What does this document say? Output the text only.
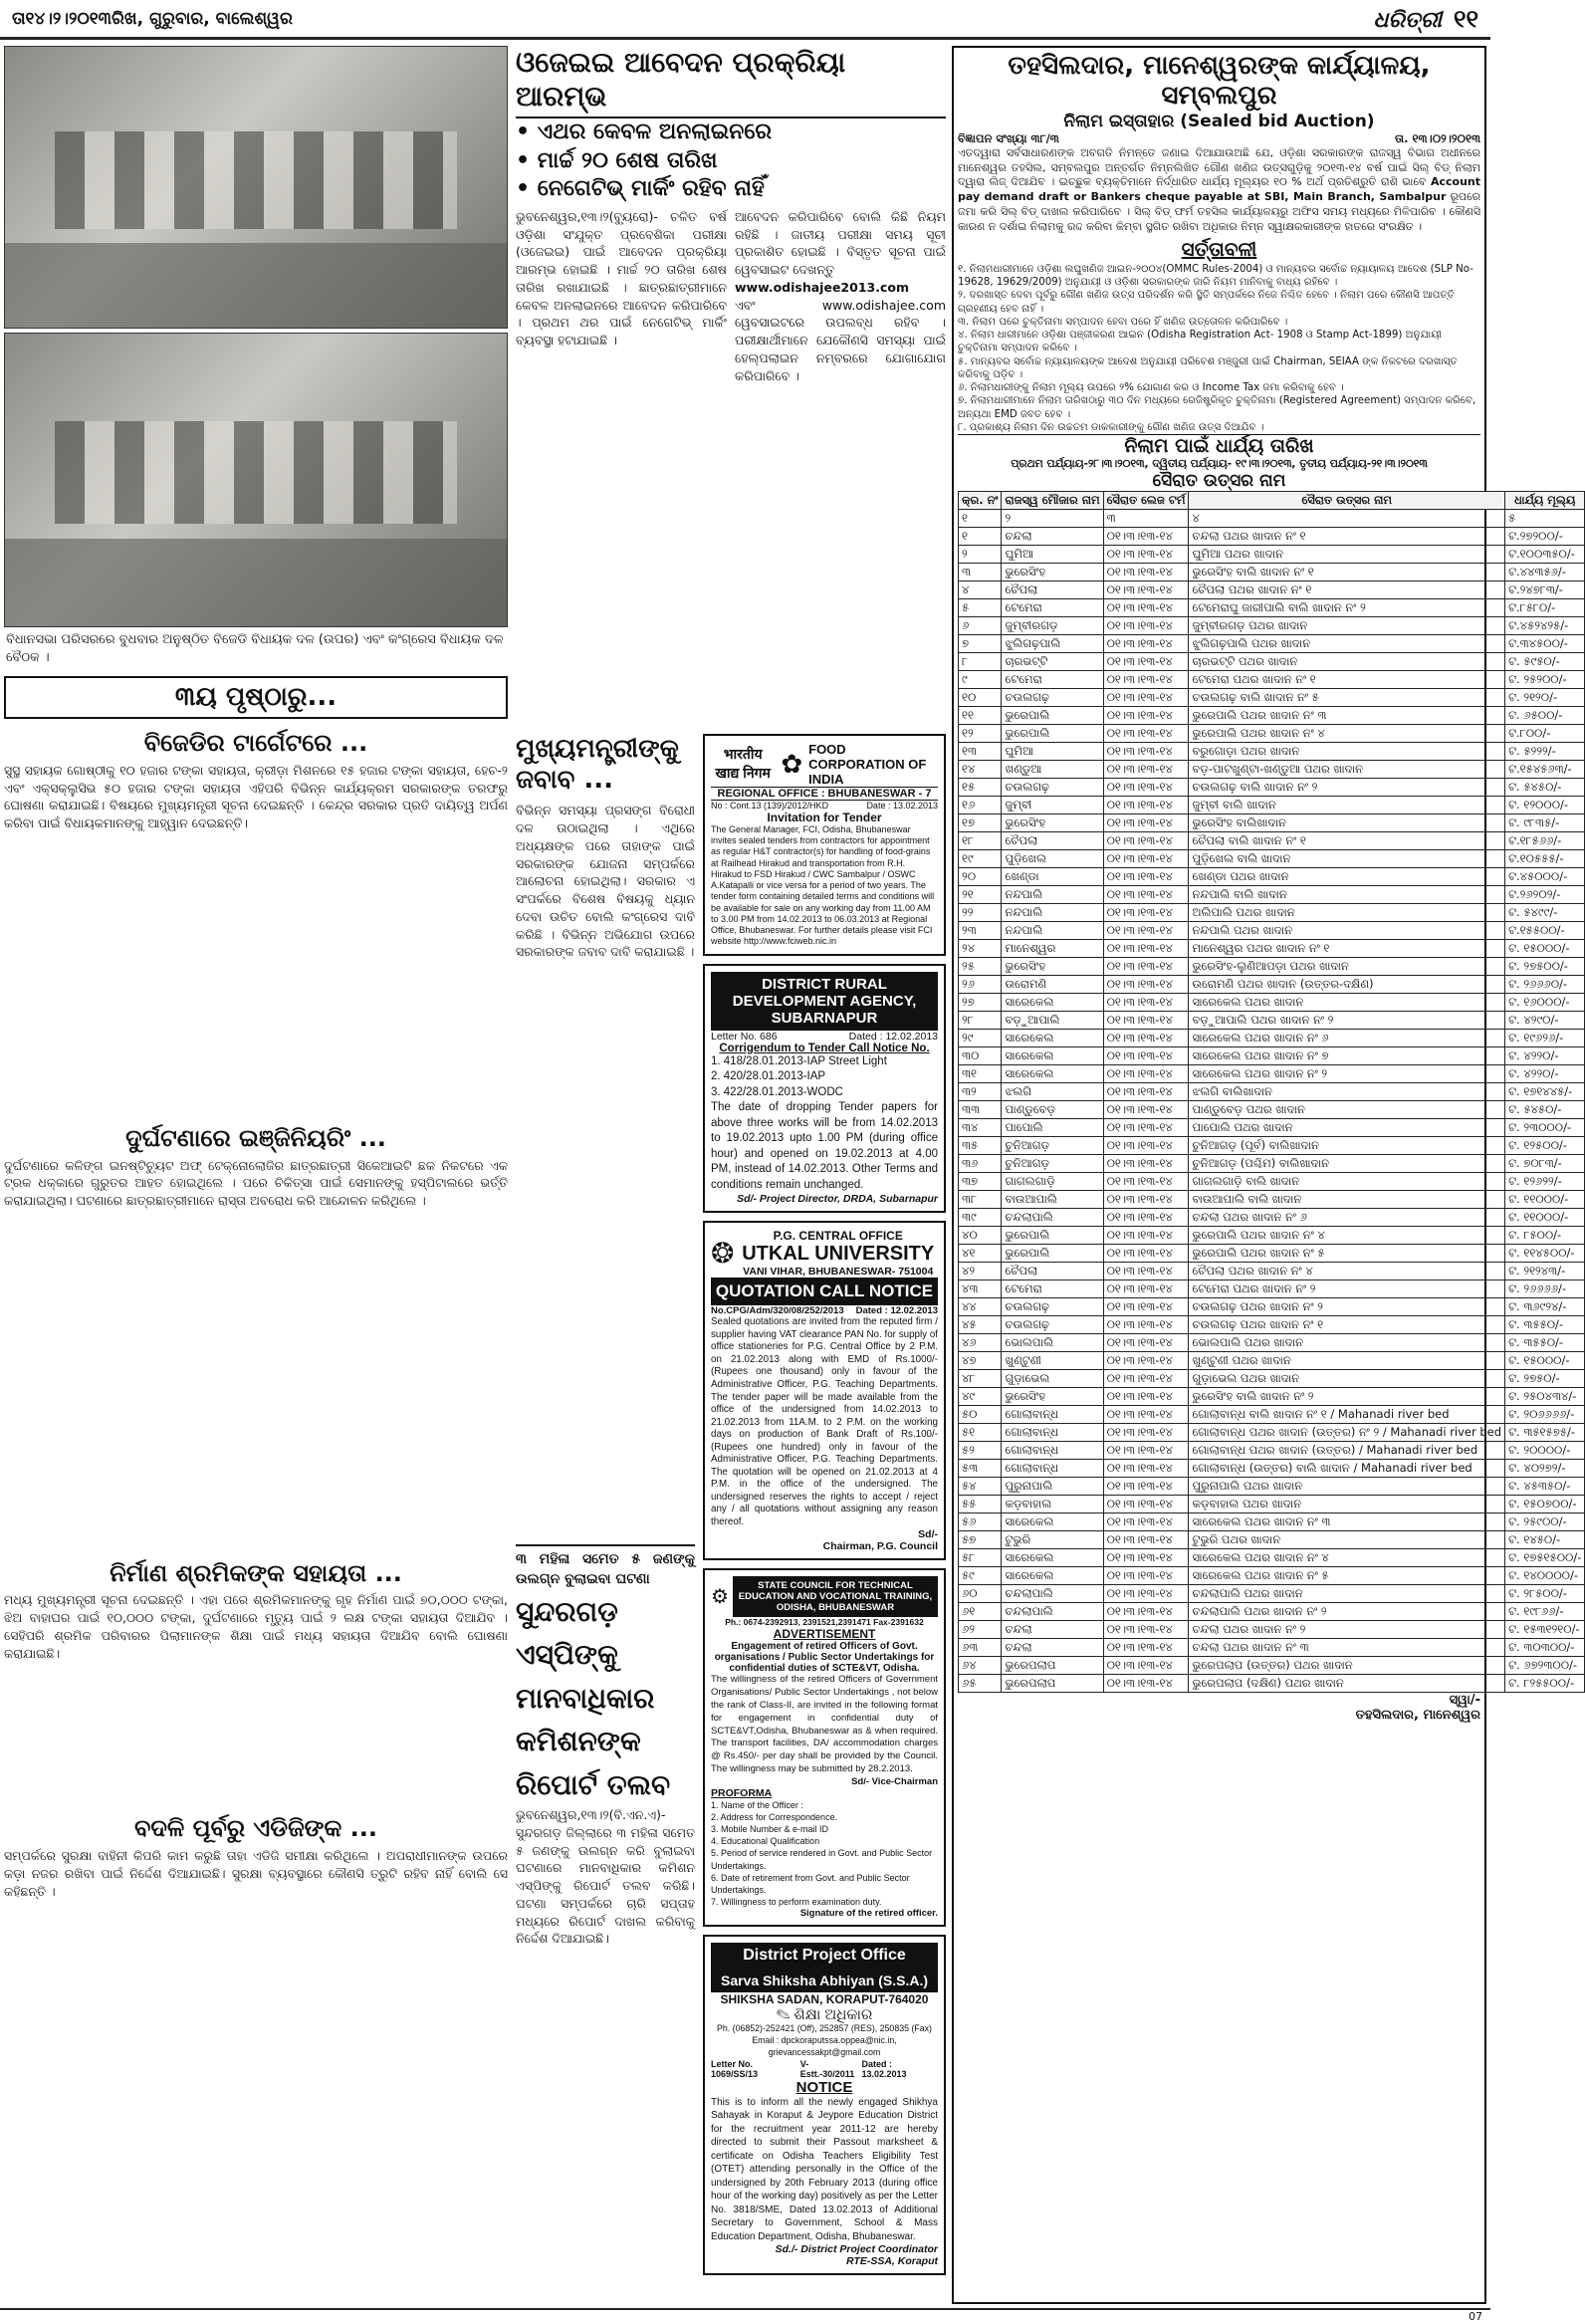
ତା୧୪।୨।୨୦୧୩ରିଖ, ଗୁରୁବାର, ବାଲେଶ୍ୱର	ଧରିତ୍ରୀ ୧୧
ବିଧାନସଭା ପରିସରରେ ବୁଧବାର ଅନୁଷ୍ଠିତ ବିଜେଡି ବିଧାୟକ ଦଳ (ଉପର) ଏବଂ କଂଗ୍ରେସ ବିଧାୟକ ଦଳ ବୈଠକ ।
୩ୟ ପୃଷ୍ଠାରୁ...
ବିଜେଡିର ଟାର୍ଗେଟରେ ...
ସୁସ୍ଥ ସହାୟକ ଗୋଷ୍ଠୀକୁ ୧୦ ହଜାର ଟଙ୍କା ସହାୟତା, କ୍ରୀଡ଼ା ମିଶନରେ ୧୫ ହଜାର ଟଙ୍କା ସହାୟତା, ହେଚ-୨ ଏବଂ ଏକ୍ସକ୍ଲୁସିଭ ୫୦ ହଜାର ଟଙ୍କା ସହାୟତା ଏହିପରି ବିଭିନ୍ନ କାର୍ଯ୍ୟକ୍ରମ ସରକାରଙ୍କ ତରଫରୁ ଘୋଷଣା କରାଯାଇଛି। ବିଷୟରେ ମୁଖ୍ୟମନ୍ତ୍ରୀ ସୂଚନା ଦେଇଛନ୍ତି । କେନ୍ଦ୍ର ସରକାର ପ୍ରତି ଦାୟିତ୍ୱ ଅର୍ପଣ କରିବା ପାଇଁ ବିଧାୟକମାନଙ୍କୁ ଆହ୍ୱାନ ଦେଇଛନ୍ତି।
ଦୁର୍ଘଟଣାରେ ଇଞ୍ଜିନିୟରିଂ ...
ଦୁର୍ଘଟଣାରେ କଳିଙ୍ଗ ଇନଷ୍ଟିଚ୍ୟୁଟ ଅଫ୍ ଟେକ୍ନୋଲୋଜିର ଛାତ୍ରଛାତ୍ରୀ ସିକେଆଇଟି ଛକ ନିକଟରେ ଏକ ଟ୍ରକ ଧକ୍କାରେ ଗୁରୁତର ଆହତ ହୋଇଥିଲେ । ପରେ ଚିକିତ୍ସା ପାଇଁ ସେମାନଙ୍କୁ ହସ୍ପିଟାଲରେ ଭର୍ତ୍ତି କରାଯାଇଥିଲା। ଘଟଣାରେ ଛାତ୍ରଛାତ୍ରୀମାନେ ରାସ୍ତା ଅବରୋଧ କରି ଆନ୍ଦୋଳନ କରିଥିଲେ ।
ନିର୍ମାଣ ଶ୍ରମିକଙ୍କ ସହାୟତା ...
ମଧ୍ୟ ମୁଖ୍ୟମନ୍ତ୍ରୀ ସୂଚନା ଦେଇଛନ୍ତି । ଏହା ପରେ ଶ୍ରମିକମାନଙ୍କୁ ଗୃହ ନିର୍ମାଣ ପାଇଁ ୭୦,୦୦୦ ଟଙ୍କା, ଝିଅ ବାହାଘର ପାଇଁ ୧୦,୦୦୦ ଟଙ୍କା, ଦୁର୍ଘଟଣାରେ ମୃତ୍ୟୁ ପାଇଁ ୨ ଲକ୍ଷ ଟଙ୍କା ସହାୟତା ଦିଆଯିବ । ସେହିପରି ଶ୍ରମିକ ପରିବାରର ପିଲାମାନଙ୍କ ଶିକ୍ଷା ପାଇଁ ମଧ୍ୟ ସହାୟତା ଦିଆଯିବ ବୋଲି ଘୋଷଣା କରାଯାଇଛି।
ବଦଳି ପୂର୍ବରୁ ଏଡିଜିଙ୍କ ...
ସମ୍ପର୍କରେ ସୁରକ୍ଷା ବାହିନୀ କିପରି କାମ କରୁଛି ତାହା ଏଡିଜି ସମୀକ୍ଷା କରିଥିଲେ । ଅପରାଧୀମାନଙ୍କ ଉପରେ କଡ଼ା ନଜର ରଖିବା ପାଇଁ ନିର୍ଦ୍ଦେଶ ଦିଆଯାଇଛି। ସୁରକ୍ଷା ବ୍ୟବସ୍ଥାରେ କୌଣସି ତ୍ରୁଟି ରହିବ ନାହିଁ ବୋଲି ସେ କହିଛନ୍ତି ।
ଓଜେଇଇ ଆବେଦନ ପ୍ରକ୍ରିୟା ଆରମ୍ଭ
• ଏଥର କେବଳ ଅନଲାଇନରେ
• ମାର୍ଚ୍ଚ ୨୦ ଶେଷ ତାରିଖ
• ନେଗେଟିଭ୍ ମାର୍କିଂ ରହିବ ନାହିଁ
ଭୁବନେଶ୍ୱର,୧୩।୨(ବ୍ୟୁରୋ)- ଚଳିତ ବର୍ଷ ଓଡ଼ିଶା ସଂଯୁକ୍ତ ପ୍ରବେଶିକା ପରୀକ୍ଷା (ଓଜେଇଇ) ପାଇଁ ଆବେଦନ ପ୍ରକ୍ରିୟା ଆରମ୍ଭ ହୋଇଛି । ମାର୍ଚ୍ଚ ୨୦ ତାରିଖ ଶେଷ ତାରିଖ ରଖାଯାଇଛି । ଛାତ୍ରଛାତ୍ରୀମାନେ କେବଳ ଅନଲାଇନରେ ଆବେଦନ କରିପାରିବେ । ପ୍ରଥମ ଥର ପାଇଁ ନେଗେଟିଭ୍ ମାର୍କିଂ ବ୍ୟବସ୍ଥା ହଟାଯାଇଛି ।
ଆବେଦନ କରିପାରିବେ ବୋଲି କିଛି ନିୟମ ରହିଛି । ଜାତୀୟ ପରୀକ୍ଷା ସମୟ ସୂଚୀ ପ୍ରକାଶିତ ହୋଇଛି । ବିସ୍ତୃତ ସୂଚନା ପାଇଁ ୱେବସାଇଟ ଦେଖନ୍ତୁ
www.odishajee2013.com
ଏବଂ www.odishajee.com ୱେବସାଇଟରେ ଉପଲବ୍ଧ ରହିବ । ପରୀକ୍ଷାର୍ଥୀମାନେ ଯେକୌଣସି ସମସ୍ୟା ପାଇଁ ହେଲ୍ପଲାଇନ ନମ୍ବରରେ ଯୋଗାଯୋଗ କରିପାରିବେ ।
ମୁଖ୍ୟମନ୍ତ୍ରୀଙ୍କୁ ଜବାବ ...
ବିଭିନ୍ନ ସମସ୍ୟା ପ୍ରସଙ୍ଗ ବିରୋଧୀ ଦଳ ଉଠାଇଥିଲା । ଏଥିରେ ଅଧ୍ୟକ୍ଷଙ୍କ ପରେ ତାହାଙ୍କ ପାଇଁ ସରକାରଙ୍କ ଯୋଜନା ସମ୍ପର୍କରେ ଆଲୋଚନା ହୋଇଥିଲା। ସରକାର ଏ ସଂପର୍କରେ ବିଶେଷ ବିଷୟକୁ ଧ୍ୟାନ ଦେବା ଉଚିତ ବୋଲି କଂଗ୍ରେସ ଦାବି କରିଛି । ବିଭିନ୍ନ ଅଭିଯୋଗ ଉପରେ ସରକାରଙ୍କ ଜବାବ ଦାବି କରାଯାଇଛି ।
୩ ମହିଳା ସମେତ ୫ ଜଣଙ୍କୁ ଉଲଗ୍ନ ବୁଲାଇବା ଘଟଣା
ସୁନ୍ଦରଗଡ଼ ଏସ୍‌ପିଙ୍କୁ ମାନବାଧିକାର କମିଶନଙ୍କ ରିପୋର୍ଟ ତଲବ
ଭୁବନେଶ୍ୱର,୧୩।୨(ବି.ଏନ.ଏ)- ସୁନ୍ଦରଗଡ଼ ଜିଲ୍ଲାରେ ୩ ମହିଳା ସମେତ ୫ ଜଣଙ୍କୁ ଉଲଗ୍ନ କରି ବୁଲାଇବା ଘଟଣାରେ ମାନବାଧିକାର କମିଶନ ଏସ୍‌ପିଙ୍କୁ ରିପୋର୍ଟ ତଲବ କରିଛି। ଘଟଣା ସମ୍ପର୍କରେ ଚାରି ସପ୍ତାହ ମଧ୍ୟରେ ରିପୋର୍ଟ ଦାଖଲ କରିବାକୁ ନିର୍ଦ୍ଦେଶ ଦିଆଯାଇଛି।
भारतीय खाद्य निगम ✿ FOOD CORPORATION OF INDIA
REGIONAL OFFICE : BHUBANESWAR - 7
No : Cont.13 (139)/2012/HKD	Date : 13.02.2013
Invitation for Tender

The General Manager, FCI, Odisha, Bhubaneswar invites sealed tenders from contractors for appointment as regular H&T contractor(s) for handling of food-grains at Railhead Hirakud and transportation from R.H. Hirakud to FSD Hirakud / CWC Sambalpur / OSWC A.Katapalli or vice versa for a period of two years. The tender form containing detailed terms and conditions will be available for sale on any working day from 11.00 AM to 3.00 PM from 14.02.2013 to 06.03.2013 at Regional Office, Bhubaneswar. For further details please visit FCI website http://www.fciweb.nic.in

DISTRICT RURAL DEVELOPMENT AGENCY, SUBARNAPUR
Letter No. 686	Dated : 12.02.2013
Corrigendum to Tender Call Notice No.

1. 418/28.01.2013-IAP Street Light

2. 420/28.01.2013-IAP

3. 422/28.01.2013-WODC

The date of dropping Tender papers for above three works will be from 14.02.2013 to 19.02.2013 upto 1.00 PM (during office hour) and opened on 19.02.2013 at 4.00 PM, instead of 14.02.2013. Other Terms and conditions remain unchanged.

Sd/- Project Director, DRDA, Subarnapur
❂
P.G. CENTRAL OFFICE
UTKAL UNIVERSITY
VANI VIHAR, BHUBANESWAR- 751004
QUOTATION CALL NOTICE
No.CPG/Adm/320/08/252/2013 Dated : 12.02.2013

Sealed quotations are invited from the reputed firm / supplier having VAT clearance PAN No. for supply of office stationeries for P.G. Central Office by 2 P.M. on 21.02.2013 along with EMD of Rs.1000/- (Rupees one thousand) only in favour of the Administrative Officer, P.G. Teaching Departments. The tender paper will be made available from the office of the undersigned from 14.02.2013 to 21.02.2013 from 11A.M. to 2 P.M. on the working days on production of Bank Draft of Rs.100/- (Rupees one hundred) only in favour of the Administrative Officer, P.G. Teaching Departments. The quotation will be opened on 21.02.2013 at 4 P.M. in the office of the undersigned. The undersigned reserves the rights to accept / reject any / all quotations without assigning any reason thereof.

Sd/-
Chairman, P.G. Council
⚙
STATE COUNCIL FOR TECHNICAL EDUCATION AND VOCATIONAL TRAINING, ODISHA, BHUBANESWAR
Ph.: 0674-2392913, 2391521,2391471 Fax-2391632
ADVERTISEMENT
Engagement of retired Officers of Govt. organisations / Public Sector Undertakings for confidential duties of SCTE&VT, Odisha.

The willingness of the retired Officers of Government Organisations/ Public Sector Undertakings , not below the rank of Class-II, are invited in the following format for engagement in confidential duty of SCTE&VT,Odisha, Bhubaneswar as & when required. The transport facilities, DA/ accommodation charges @ Rs.450/- per day shall be provided by the Council. The willingness may be submitted by 28.2.2013.

Sd/- Vice-Chairman
PROFORMA

1. Name of the Officer :

2. Address for Correspondence.

3. Mobile Number & e-mail ID

4. Educational Qualification

5. Period of service rendered in Govt. and Public Sector Undertakings.

6. Date of retirement from Govt. and Public Sector Undertakings.

7. Willingness to perform examination duty.

Signature of the retired officer.
District Project Office
Sarva Shiksha Abhiyan (S.S.A.)
SHIKSHA SADAN, KORAPUT-764020
✎ ଶିକ୍ଷା ଅଧିକାର

Ph. (06852)-252421 (Off), 252857 (RES), 250835 (Fax)

Email : dpckoraputssa.oppea@nic.in, grievancessakpt@gmail.com

Letter No. 1069/SS/13
V-Estt.-30/2011
Dated : 13.02.2013
NOTICE

This is to inform all the newly engaged Shikhya Sahayak in Koraput & Jeypore Education District for the recruitment year 2011-12 are hereby directed to submit their Passout marksheet & certificate on Odisha Teachers Eligibility Test (OTET) attending personally in the Office of the undersigned by 20th February 2013 (during office hour of the working day) positively as per the Letter No. 3818/SME, Dated 13.02.2013 of Additional Secretary to Government, School & Mass Education Department, Odisha, Bhubaneswar.

Sd./- District Project Coordinator
RTE-SSA, Koraput
ତହସିଲଦାର, ମାନେଶ୍ୱରଙ୍କ କାର୍ଯ୍ୟାଳୟ, ସମ୍ବଲପୁର
ନିଲାମ ଇସ୍ତାହାର (Sealed bid Auction)
ବିଜ୍ଞାପନ ସଂଖ୍ୟା ୩୮/୩	ତା. ୧୩।୦୨।୨୦୧୩

ଏତଦ୍ୱାରା ସର୍ବସାଧାରଣଙ୍କ ଅବଗତି ନିମନ୍ତେ ଜଣାଇ ଦିଆଯାଉଅଛି ଯେ, ଓଡ଼ିଶା ସରକାରଙ୍କ ରାଜସ୍ୱ ବିଭାଗ ଅଧୀନରେ ମାନେଶ୍ୱର ତହସିଲ, ସମ୍ବଲପୁର ଅନ୍ତର୍ଗତ ନିମ୍ନଲିଖିତ ଗୌଣ ଖଣିଜ ଉତ୍ସଗୁଡ଼ିକୁ ୨୦୧୩-୧୪ ବର୍ଷ ପାଇଁ ସିଲ୍ ବିଡ୍ ନିଲାମ ଦ୍ୱାରା ଲିଜ୍ ଦିଆଯିବ । ଇଚ୍ଛୁକ ବ୍ୟକ୍ତିମାନେ ନିର୍ଦ୍ଧାରିତ ଧାର୍ଯ୍ୟ ମୂଲ୍ୟର ୧୦ % ଅର୍ଥ ପ୍ରତିଶ୍ରୁତି ରାଶି ଭାବେ Account pay demand draft or Bankers cheque payable at SBI, Main Branch, Sambalpur ରୂପରେ ଜମା କରି ସିଲ୍ ବିଡ୍ ଦାଖଲ କରିପାରିବେ । ସିଲ୍ ବିଡ୍ ଫର୍ମ ତହସିଲ କାର୍ଯ୍ୟାଳୟରୁ ଅଫିସ ସମୟ ମଧ୍ୟରେ ମିଳିପାରିବ । କୌଣସି କାରଣ ନ ଦର୍ଶାଇ ନିଲାମକୁ ରଦ୍ଦ କରିବା କିମ୍ବା ସ୍ଥଗିତ ରଖିବା ଅଧିକାର ନିମ୍ନ ସ୍ୱାକ୍ଷରକାରୀଙ୍କ ହାତରେ ସଂରକ୍ଷିତ ।

ସର୍ତ୍ତାବଳୀ

୧. ନିଲାମଧାରୀମାନେ ଓଡ଼ିଶା ଲଘୁଖଣିଜ ଆଇନ-୨୦୦୪(OMMC Rules-2004) ଓ ମାନ୍ୟବର ସର୍ବୋଚ୍ଚ ନ୍ୟାୟାଳୟ ଆଦେଶ (SLP No-19628, 19629/2009) ଅନୁଯାୟୀ ଓ ଓଡ଼ିଶା ସରକାରଙ୍କ ଜାରି ନିୟମ ମାନିବାକୁ ବାଧ୍ୟ ରହିବେ ।

୨. ଦରଖାସ୍ତ ଦେବା ପୂର୍ବରୁ ଗୌଣ ଖଣିଜ ଉତ୍ସ ପରିଦର୍ଶନ କରି ସ୍ଥିତି ସମ୍ପର୍କରେ ନିଜେ ନିଶ୍ଚିତ ହେବେ । ନିଲାମ ପରେ କୌଣସି ଆପତ୍ତି ଗ୍ରହଣୀୟ ହେବ ନାହିଁ ।

୩. ନିଲାମ ପରେ ଚୁକ୍ତିନାମା ସମ୍ପାଦନ ହେବା ପରେ ହିଁ ଖଣିଜ ଉତ୍ତୋଳନ କରିପାରିବେ ।

୪. ନିଲାମ ଧାରୀମାନେ ଓଡ଼ିଶା ପଞ୍ଜୀକରଣ ଆଇନ (Odisha Registration Act- 1908 ଓ Stamp Act-1899) ଅନୁଯାୟୀ ଚୁକ୍ତିନାମା ସମ୍ପାଦନ କରିବେ ।

୫. ମାନ୍ୟବର ସର୍ବୋଚ୍ଚ ନ୍ୟାୟାଳୟଙ୍କ ଆଦେଶ ଅନୁଯାୟୀ ପରିବେଶ ମଞ୍ଜୁରୀ ପାଇଁ Chairman, SEIAA ଙ୍କ ନିକଟରେ ଦରଖାସ୍ତ କରିବାକୁ ପଡ଼ିବ ।

୬. ନିଲାମଧାରୀଙ୍କୁ ନିଲାମ ମୂଲ୍ୟ ଉପରେ ୨% ଯୋଗାଣ କର ଓ Income Tax ଜମା କରିବାକୁ ହେବ ।

୭. ନିଲାମଧାରୀମାନେ ନିଲାମ ତାରିଖଠାରୁ ୩୦ ଦିନ ମଧ୍ୟରେ ରେଜିଷ୍ଟ୍ରିକୃତ ଚୁକ୍ତିନାମା (Registered Agreement) ସମ୍ପାଦନ କରିବେ, ଅନ୍ୟଥା EMD ଜବତ ହେବ ।

୮. ପ୍ରକାଶ୍ୟ ନିଲାମ ଦିନ ଉଚ୍ଚତମ ଡାକକାରୀଙ୍କୁ ଗୌଣ ଖଣିଜ ଉତ୍ସ ଦିଆଯିବ ।

ନିଲାମ ପାଇଁ ଧାର୍ଯ୍ୟ ତାରିଖ
ପ୍ରଥମ ପର୍ଯ୍ୟାୟ-୨୮।୩।୨୦୧୩, ଦ୍ୱିତୀୟ ପର୍ଯ୍ୟାୟ- ୧୯।୩।୨୦୧୩, ତୃତୀୟ ପର୍ଯ୍ୟାୟ-୨୧।୩।୨୦୧୩
ସୈରାତ ଉତ୍ସର ନାମ
କ୍ର. ନଂ	ରାଜସ୍ୱ ମୌଜାର ନାମ	ସୈରାତ ଲେଜ ଟର୍ମ	ସୈରାତ ଉତ୍ସର ନାମ	ଧାର୍ଯ୍ୟ ମୂଲ୍ୟ
୧	୨	୩	୪	୫
୧	ଚନ୍ଦଲା	୦୧।୩।୧୩-୧୪	ଚନ୍ଦଲା ପଥର ଖାଦାନ ନଂ ୧	ଟ.୨୭୨୦୦/-
୨	ଘୁମିଆ	୦୧।୩।୧୩-୧୪	ଘୁମିଆ ପଥର ଖାଦାନ	ଟ.୧୦୦୩୫୦/-
୩	ଭୁରେସିଂହ	୦୧।୩।୧୩-୧୪	ଭୁରେସିଂହ ବାଲି ଖାଦାନ ନଂ ୧	ଟ.୪୪୩୫୬/-
୪	ଚୈପଲା	୦୧।୩।୧୩-୧୪	ଚୈପଲା ପଥର ଖାଦାନ ନଂ ୧	ଟ.୨୪୭୮୩/-
୫	ଟେମେରା	୦୧।୩।୧୩-୧୪	ଟେମେରାଘୁ ଜାରୀପାଲି ବାଲି ଖାଦାନ ନଂ ୨	ଟ.୮୫୮୦/-
୬	ଜୁମ୍ବୀରଗଡ଼	୦୧।୩।୧୩-୧୪	ଜୁମ୍ବୀରଗଡ଼ ପଥର ଖାଦାନ	ଟ.୪୫୨୪୨୫/-
୭	ଝୁଲିଗଢ଼ପାଲି	୦୧।୩।୧୩-୧୪	ଝୁଲିଗଢ଼ପାଲି ପଥର ଖାଦାନ	ଟ.୩୪୫୦୦/-
୮	ଚାରଭଟ୍ଟି	୦୧।୩।୧୩-୧୪	ଚାରଭଟ୍ଟି ପଥର ଖାଦାନ	ଟ. ୫୯୫୦/-
୯	ଟେମେରା	୦୧।୩।୧୩-୧୪	ଟେମେରା ପଥର ଖାଦାନ ନଂ ୧	ଟ. ୨୫୨୦୦/-
୧୦	ଚଉଲଗଢ଼	୦୧।୩।୧୩-୧୪	ଚଉଲଗଢ଼ ବାଲି ଖାଦାନ ନଂ ୫	ଟ. ୨୧୨୦/-
୧୧	ଭୁରେପାଲି	୦୧।୩।୧୩-୧୪	ଭୁରେପାଲି ପଥର ଖାଦାନ ନଂ ୩	ଟ. ୬୫୦୦/-
୧୨	ଭୁରେପାଲି	୦୧।୩।୧୩-୧୪	ଭୁରେପାଲି ପଥର ଖାଦାନ ନଂ ୪	ଟ.୮୦୦/-
୧୩	ଘୁମିଆ	୦୧।୩।୧୩-୧୪	ବରୁଗୋଡ଼ା ପଥର ଖାଦାନ	ଟ. ୫୨୨୨/-
୧୪	ଖଣ୍ଡୁଆ	୦୧।୩।୧୩-୧୪	ବଡ଼-ପାଟଖୁଣ୍ଟା-ଖଣ୍ଡୁଆ ପଥର ଖାଦାନ	ଟ.୧୫୪୫୬୩/-
୧୫	ଚଉଲଗଢ଼	୦୧।୩।୧୩-୧୪	ଚଉଲଗଢ଼ ବାଲି ଖାଦାନ ନଂ ୨	ଟ. ୫୪୫୦/-
୧୬	ଜୁମ୍ବୀ	୦୧।୩।୧୩-୧୪	ଜୁମ୍ବୀ ବାଲି ଖାଦାନ	ଟ. ୧୨୦୦୦/-
୧୭	ଭୁରେସିଂହ	୦୧।୩।୧୩-୧୪	ଭୁରେସିଂହ ବାଲିଖାଦାନ	ଟ. ୯୮୩୫/-
୧୮	ଚୈପଲା	୦୧।୩।୧୩-୧୪	ଚୈପଲା ବାଲି ଖାଦାନ ନଂ ୧	ଟ.୧୮୫୬୬/-
୧୯	ପୁଡ଼ିଖେଲ	୦୧।୩।୧୩-୧୪	ପୁଡ଼ିଖେଲ ବାଲି ଖାଦାନ	ଟ.୧୦୫୫୫/-
୨୦	ଖେଣ୍ଡା	୦୧।୩।୧୩-୧୪	ଖେଣ୍ଡା ପଥର ଖାଦାନ	ଟ.୪୫୦୦୦/-
୨୧	ନନ୍ଦପାଲି	୦୧।୩।୧୩-୧୪	ନନ୍ଦପାଲି ବାଲି ଖାଦାନ	ଟ.୨୬୨୦୨/-
୨୨	ନନ୍ଦପାଲି	୦୧।୩।୧୩-୧୪	ଅଲିପାଲି ପଥର ଖାଦାନ	ଟ. ୫୪୯୯/-
୨୩	ନନ୍ଦପାଲି	୦୧।୩।୧୩-୧୪	ନନ୍ଦପାଲି ପଥର ଖାଦାନ	ଟ.୧୫୫୦୦/-
୨୪	ମାନେଶ୍ୱର	୦୧।୩।୧୩-୧୪	ମାନେଶ୍ୱର ପଥର ଖାଦାନ ନଂ ୧	ଟ. ୧୫୦୦୦/-
୨୫	ଭୁରେସିଂହ	୦୧।୩।୧୩-୧୪	ଭୁରେସିଂହ-ଲୁଣିଆପଡ଼ା ପଥର ଖାଦାନ	ଟ. ୨୭୫୦୦/-
୨୬	ଉରୋମଣି	୦୧।୩।୧୩-୧୪	ଉରୋମଣି ପଥର ଖାଦାନ (ଉତ୍ତର-ଦକ୍ଷିଣ)	ଟ. ୨୬୬୬୦/-
୨୭	ସାରେକେଲ	୦୧।୩।୧୩-୧୪	ସାରେକେଲ ପଥର ଖାଦାନ	ଟ. ୧୬୦୦୦/-
୨୮	ବଡ଼ୁଆପାଲି	୦୧।୩।୧୩-୧୪	ବଡ଼ୁଆପାଲି ପଥର ଖାଦାନ ନଂ ୨	ଟ. ୪୨୯୦/-
୨୯	ସାରେକେଲ	୦୧।୩।୧୩-୧୪	ସାରେକେଲ ପଥର ଖାଦାନ ନଂ ୬	ଟ. ୧୯୬୨୬/-
୩୦	ସାରେକେଲ	୦୧।୩।୧୩-୧୪	ସାରେକେଲ ପଥର ଖାଦାନ ନଂ ୭	ଟ. ୪୨୨୦/-
୩୧	ସାରେକେଲ	୦୧।୩।୧୩-୧୪	ସାରେକେଲ ପଥର ଖାଦାନ ନଂ ୨	ଟ. ୪୨୨୦/-
୩୨	ଝଲଗି	୦୧।୩।୧୩-୧୪	ଝଲଗି ବାଲିଖାଦାନ	ଟ. ୧୭୧୪୪୫/-
୩୩	ପାଣ୍ଡୁବେଡ଼	୦୧।୩।୧୩-୧୪	ପାଣ୍ଡୁବେଡ଼ ପଥର ଖାଦାନ	ଟ. ୫୪୫୦/-
୩୪	ପାପୋଲି	୦୧।୩।୧୩-୧୪	ପାପୋଲି ପଥର ଖାଦାନ	ଟ. ୨୩୦୦୦/-
୩୫	ଚୁନିଆଗଡ଼	୦୧।୩।୧୩-୧୪	ଚୁନିଆଗଡ଼ (ପୂର୍ବ) ବାଲିଖାଦାନ	ଟ. ୧୨୫୦୦/-
୩୬	ଚୁନିଆଗଡ଼	୦୧।୩।୧୩-୧୪	ଚୁନିଆଗଡ଼ (ପଶ୍ଚିମ) ବାଲିଖାଦାନ	ଟ. ୭୦୮୩/-
୩୭	ଗାଗଲଗାଡ଼ି	୦୧।୩।୧୩-୧୪	ଗାଗଲଗାଡ଼ି ବାଲି ଖାଦାନ	ଟ. ୧୨୬୨୨/-
୩୮	ବାଉଆପାଲି	୦୧।୩।୧୩-୧୪	ବାଉଆପାଲି ବାଲି ଖାଦାନ	ଟ. ୧୧୦୦୦/-
୩୯	ଚନ୍ଦଲାପାଲି	୦୧।୩।୧୩-୧୪	ଚନ୍ଦଲା ପଥର ଖାଦାନ ନଂ ୬	ଟ. ୧୧୦୦୦/-
୪୦	ଭୁରେପାଲି	୦୧।୩।୧୩-୧୪	ଭୁରେପାଲି ପଥର ଖାଦାନ ନଂ ୪	ଟ. ୮୫୦୦/-
୪୧	ଭୁରେପାଲି	୦୧।୩।୧୩-୧୪	ଭୁରେପାଲି ପଥର ଖାଦାନ ନଂ ୫	ଟ. ୧୧୪୫୦୦/-
୪୨	ଚୈପଲା	୦୧।୩।୧୩-୧୪	ଚୈପଲା ପଥର ଖାଦାନ ନଂ ୪	ଟ. ୨୧୨୪୩/-
୪୩	ଟେମେରା	୦୧।୩।୧୩-୧୪	ଟେମେରା ପଥର ଖାଦାନ ନଂ ୨	ଟ. ୨୬୬୬୬/-
୪୪	ଚଉଲଗଢ଼	୦୧।୩।୧୩-୧୪	ଚଉଲଗଢ଼ ପଥର ଖାଦାନ ନଂ ୨	ଟ. ୩୬୯୨୪/-
୪୫	ଚଉଲଗଢ଼	୦୧।୩।୧୩-୧୪	ଚଉଲଗଢ଼ ପଥର ଖାଦାନ ନଂ ୧	ଟ. ୩୫୫୦/-
୪୬	ଭୋଲପାଲି	୦୧।୩।୧୩-୧୪	ଭୋଲପାଲି ପଥର ଖାଦାନ	ଟ. ୩୫୫୦/-
୪୭	ଖୁଣ୍ଟୁଣୀ	୦୧।୩।୧୩-୧୪	ଖୁଣ୍ଟୁଣୀ ପଥର ଖାଦାନ	ଟ. ୧୫୦୦୦/-
୪୮	ଗୁଡ଼ାଭେଲ	୦୧।୩।୧୩-୧୪	ଗୁଡ଼ାଭେଲ ପଥର ଖାଦାନ	ଟ. ୨୭୫୦/-
୪୯	ଭୁରେସିଂହ	୦୧।୩।୧୩-୧୪	ଭୁରେସିଂହ ବାଲି ଖାଦାନ ନଂ ୨	ଟ. ୨୫୦୪୩୪/-
୫୦	ଗୋଲାବାନ୍ଧ	୦୧।୩।୧୩-୧୪	ଗୋଲାବାନ୍ଧ ବାଲି ଖାଦାନ ନଂ ୧ / Mahanadi river bed	ଟ. ୨୦୬୬୬୬/-
୫୧	ଗୋଲାବାନ୍ଧ	୦୧।୩।୧୩-୧୪	ଗୋଲାବାନ୍ଧ ପଥର ଖାଦାନ (ଉତ୍ତର) ନଂ ୨ / Mahanadi river bed	ଟ. ୩୫୧୫୭୫/-
୫୨	ଗୋଲାବାନ୍ଧ	୦୧।୩।୧୩-୧୪	ଗୋଲାବାନ୍ଧ ପଥର ଖାଦାନ (ଉତ୍ତର) / Mahanadi river bed	ଟ. ୨୦୦୦୦/-
୫୩	ଗୋଲାବାନ୍ଧ	୦୧।୩।୧୩-୧୪	ଗୋଲାବାନ୍ଧ (ଉତ୍ତର) ବାଲି ଖାଦାନ / Mahanadi river bed	ଟ. ୪୦୨୭୨/-
୫୪	ପୁରୁନାପାଲି	୦୧।୩।୧୩-୧୪	ପୁରୁନାପାଲି ପଥର ଖାଦାନ	ଟ. ୪୫୩୫୦/-
୫୫	କଡ଼ବାହାଲ	୦୧।୩।୧୩-୧୪	କଡ଼ବାହାଲ ପଥର ଖାଦାନ	ଟ. ୧୫୦୭୦୦/-
୫୬	ସାରେକେଲ	୦୧।୩।୧୩-୧୪	ସାରେକେଲ ପଥର ଖାଦାନ ନଂ ୩	ଟ. ୨୫୯୦୦/-
୫୭	ଟୁଭୁରି	୦୧।୩।୧୩-୧୪	ଟୁଭୁରି ପଥର ଖାଦାନ	ଟ. ୧୪୫୦/-
୫୮	ସାରେକେଲ	୦୧।୩।୧୩-୧୪	ସାରେକେଲ ପଥର ଖାଦାନ ନଂ ୪	ଟ. ୧୭୫୧୫୦୦/-
୫୯	ସାରେକେଲ	୦୧।୩।୧୩-୧୪	ସାରେକେଲ ପଥର ଖାଦାନ ନଂ ୫	ଟ. ୧୪୦୦୦୦/-
୬୦	ଚନ୍ଦଲାପାଲି	୦୧।୩।୧୩-୧୪	ଚନ୍ଦଲାପାଲି ପଥର ଖାଦାନ	ଟ. ୨୮୫୦୦/-
୬୧	ଚନ୍ଦଲାପାଲି	୦୧।୩।୧୩-୧୪	ଚନ୍ଦଲାପାଲି ପଥର ଖାଦାନ ନଂ ୨	ଟ. ୧୯୮୬୬/-
୬୨	ଚନ୍ଦଲା	୦୧।୩।୧୩-୧୪	ଚନ୍ଦଲା ପଥର ଖାଦାନ ନଂ ୨	ଟ. ୧୫୩୧୨୧୦/-
୬୩	ଚନ୍ଦଲା	୦୧।୩।୧୩-୧୪	ଚନ୍ଦଲା ପଥର ଖାଦାନ ନଂ ୩	ଟ. ୩୦୩୦୦/-
୬୪	ଭୁରେପଲାପ	୦୧।୩।୧୩-୧୪	ଭୁରେପଲାପ (ଉତ୍ତର) ପଥର ଖାଦାନ	ଟ. ୬୭୨୩୦୦/-
୬୫	ଭୁରେପଲାପ	୦୧।୩।୧୩-୧୪	ଭୁରେପଲାପ (ଦକ୍ଷିଣ) ପଥର ଖାଦାନ	ଟ. ୮୨୫୫୦୦/-
ସ୍ୱା/-
ତହସିଲଦାର, ମାନେଶ୍ୱର
07
